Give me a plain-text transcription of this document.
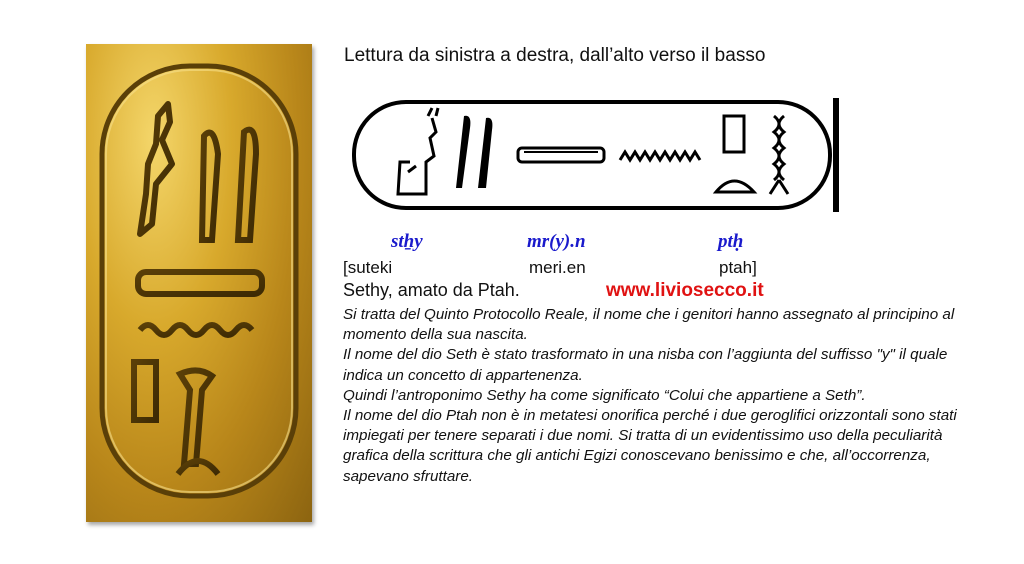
Lettura da sinistra a destra, dall’alto verso il basso
stẖy	mr(y).n	ptḥ
[suteki	meri.en	ptah]
Sethy, amato da Ptah.	www.liviosecco.it

Si tratta del Quinto Protocollo Reale, il nome che i genitori hanno assegnato al principino al momento della sua nascita.

Il nome del dio Seth è stato trasformato in una nisba con l’aggiunta del suffisso "y" il quale indica un concetto di appartenenza.

Quindi l’antroponimo Sethy ha come significato “Colui che appartiene a Seth”.

Il nome del dio Ptah non è in metatesi onorifica perché i due geroglifici orizzontali sono stati impiegati per tenere separati i due nomi. Si tratta di un evidentissimo uso della peculiarità grafica della scrittura che gli antichi Egizi conoscevano benissimo e che, all’occorrenza, sapevano sfruttare.
